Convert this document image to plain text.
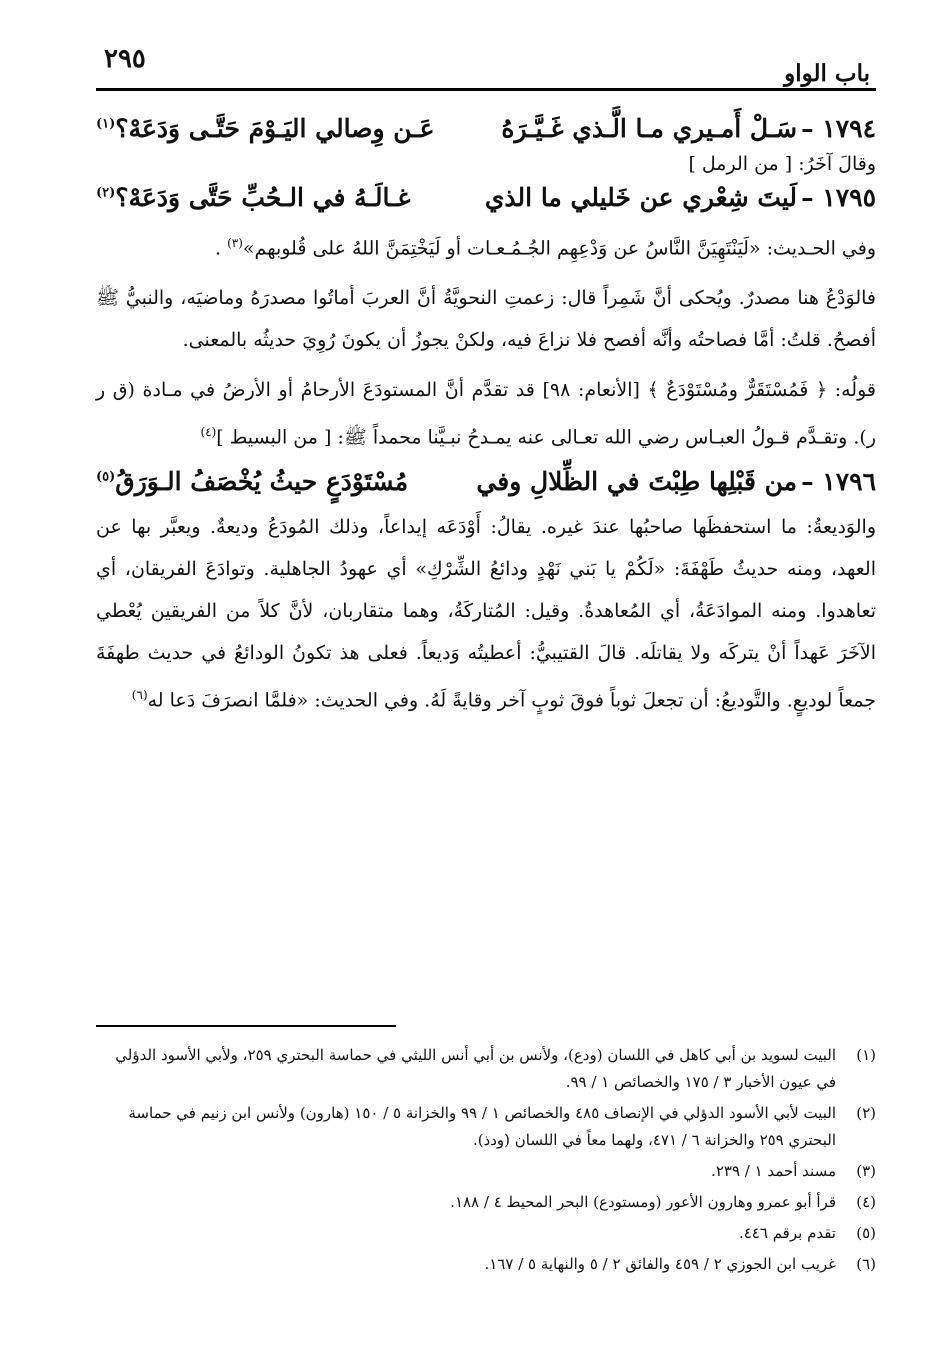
٢٩٥	باب الواو
١٧٩٤ –
سَـلْ أَمـيري مـا الَّـذي غَـيَّـرَهُ
عَـن وِصالي اليَـوْمَ حَتَّـى وَدَعَهْ؟$^{(١)}$
وقالَ آخَرُ: [ من الرمل ]
١٧٩٥ –
لَيتَ شِعْري عن خَليلي ما الذي
غـالَـهُ في الـحُبِّ حَتَّى وَدَعَهْ؟$^{(٢)}$

وفي الحـديث: «لَيَنْتَهِيَنَّ النَّاسُ عن وَدْعِهِم الجُـمُـعـات أو لَيَخْتِمَنَّ اللهُ على قُلوبهم»$^{(٣)}$ .

فالوَدْعُ هنا مصدرٌ. ويُحكى أنَّ شَمِراً قال: زعمتِ النحويَّةُ أنَّ العربَ أماتُوا مصدرَهُ وماضيَه، والنبيُّ ﷺ أفصحُ. قلتُ: أمَّا فصاحتُه وأنَّه أفصح فلا نزاعَ فيه، ولكنْ يجوزُ أن يكونَ رُوِيَ حديثُه بالمعنى.

قولُه: ﴿ فَمُسْتَقَرٌّ ومُسْتَوْدَعٌ ﴾ [الأنعام: ٩٨] قد تقدَّم أنَّ المستودَعَ الأرحامُ أو الأرضُ في مـادة (ق ر ر). وتقـدَّم قـولُ العبـاس رضي الله تعـالى عنه يمـدحُ نبـيَّنا محمداً ﷺ: [ من البسيط ]$^{(٤)}$

١٧٩٦ –
من قَبْلِها طِبْتَ في الظِّلالِ وفي
مُسْتَوْدَعٍ حيثُ يُخْصَفُ الـوَرَقُ$^{(٥)}$

والوَديعةُ: ما استحفظَها صاحبُها عندَ غيره. يقالُ: أَوْدَعَه إيداعاً، وذلك المُودَعُ وديعةٌ. ويعبَّر بها عن العهد، ومنه حديثُ طَهْفَةَ: «لَكُمْ يا بَني نَهْدٍ ودائعُ الشِّرْكِ» أي عهودُ الجاهلية. وتوادَعَ الفريقان، أي تعاهدوا. ومنه الموادَعَةُ، أي المُعاهدةُ. وقيل: المُتاركَةُ، وهما متقاربان، لأنَّ كلاً من الفريقين يُعْطي الآخَرَ عَهداً أنْ يتركَه ولا يقاتلَه. قالَ القتيبيُّ: أعطيتُه وَديعاً. فعلى هذ تكونُ الودائعُ في حديث طهفَةَ جمعاً لوديعٍ. والتَّوديعُ: أن تجعلَ ثوباً فوقَ ثوبٍ آخر وقايةً لَهُ. وفي الحديث: «فلمَّا انصرَفَ دَعا له$^{(٦)}$

(١)
البيت لسويد بن أبي كاهل في اللسان (ودع)، ولأنس بن أبي أنس الليثي في حماسة البحتري ٢٥٩، ولأبي الأسود الدؤلي في عيون الأخبار ٣ / ١٧٥ والخصائص ١ / ٩٩.
(٢)
البيت لأبي الأسود الدؤلي في الإنصاف ٤٨٥ والخصائص ١ / ٩٩ والخزانة ٥ / ١٥٠ (هارون) ولأنس ابن زنيم في حماسة البحتري ٢٥٩ والخزانة ٦ / ٤٧١، ولهما معاً في اللسان (ودذ).
(٣)
مسند أحمد ١ / ٢٣٩.
(٤)
قرأ أبو عمرو وهارون الأعور (ومستودع) البحر المحيط ٤ / ١٨٨.
(٥)
تقدم برقم ٤٤٦.
(٦)
غريب ابن الجوزي ٢ / ٤٥٩ والفائق ٢ / ٥ والنهاية ٥ / ١٦٧.
